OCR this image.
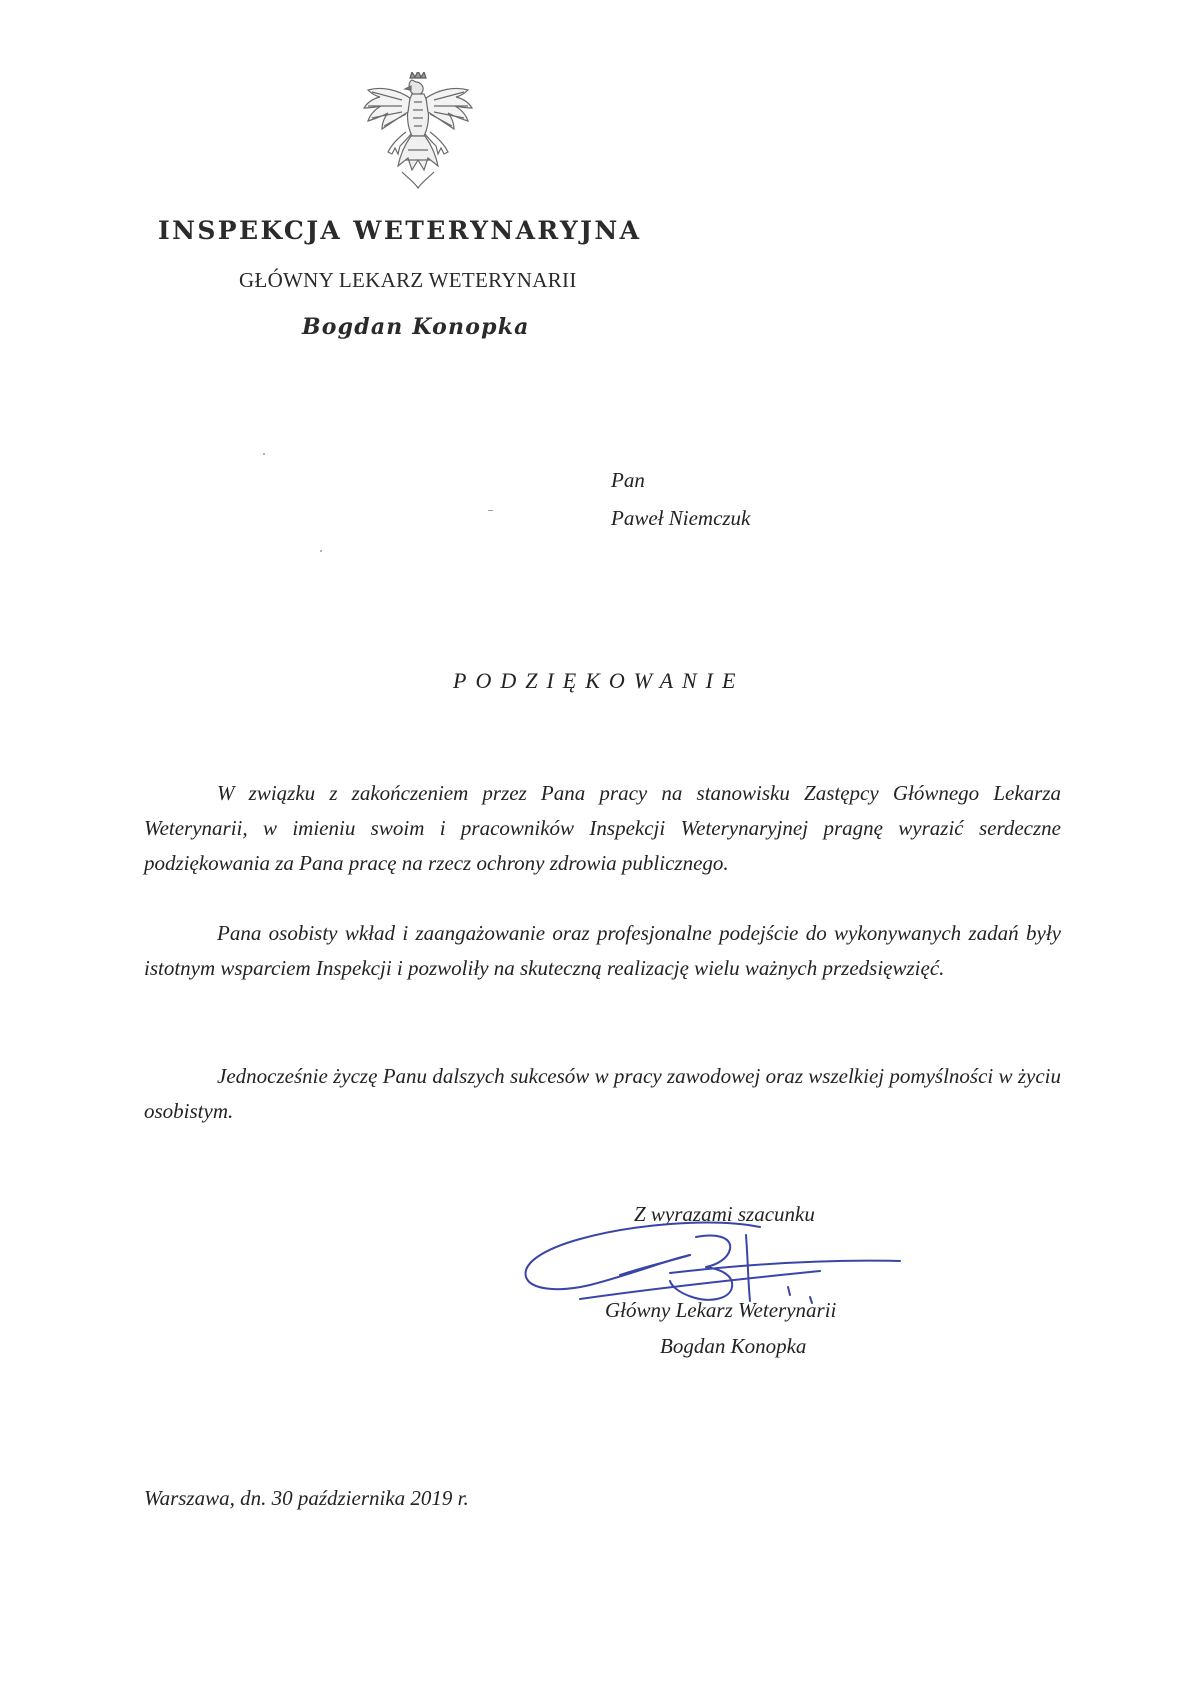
INSPEKCJA WETERYNARYJNA
GŁÓWNY LEKARZ WETERYNARII
Bogdan Konopka
Pan
Paweł Niemczuk
PODZIĘKOWANIE

W związku z zakończeniem przez Pana pracy na stanowisku Zastępcy Głównego Lekarza Weterynarii, w imieniu swoim i pracowników Inspekcji Weterynaryjnej pragnę wyrazić serdeczne podziękowania za Pana pracę na rzecz ochrony zdrowia publicznego.

Pana osobisty wkład i zaangażowanie oraz profesjonalne podejście do wykonywanych zadań były istotnym wsparciem Inspekcji i pozwoliły na skuteczną realizację wielu ważnych przedsięwzięć.

Jednocześnie życzę Panu dalszych sukcesów w pracy zawodowej oraz wszelkiej pomyślności w życiu osobistym.

Z wyrazami szacunku
Główny Lekarz Weterynarii
Bogdan Konopka
Warszawa, dn. 30 października 2019 r.
